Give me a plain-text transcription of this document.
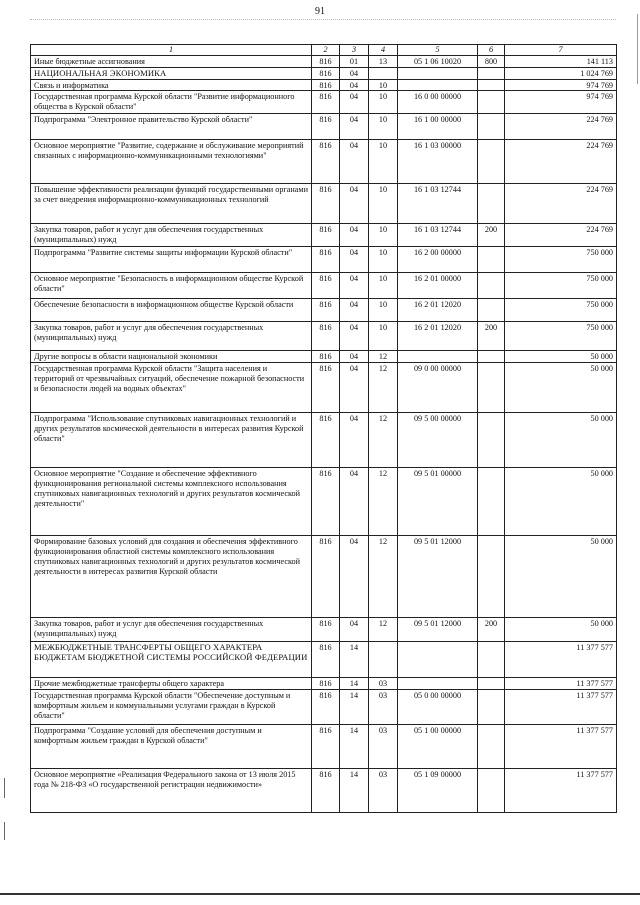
91
1	2	3	4	5	6	7
Иные бюджетные ассигнования	816	01	13	05 1 06 10020	800	141 113
НАЦИОНАЛЬНАЯ ЭКОНОМИКА	816	04				1 024 769
Связь и информатика	816	04	10			974 769
Государственная программа Курской области "Развитие информационного общества в Курской области"	816	04	10	16 0 00 00000		974 769
Подпрограмма "Электронное правительство Курской области"	816	04	10	16 1 00 00000		224 769
Основное мероприятие "Развитие, содержание и обслуживание мероприятий связанных с информационно-коммуникационными технологиями"	816	04	10	16 1 03 00000		224 769
Повышение эффективности реализации функций государственными органами за счет внедрения информационно-коммуникационных технологий	816	04	10	16 1 03 12744		224 769
Закупка товаров, работ и услуг для обеспечения государственных (муниципальных) нужд	816	04	10	16 1 03 12744	200	224 769
Подпрограмма "Развитие системы защиты информации Курской области"	816	04	10	16 2 00 00000		750 000
Основное мероприятие "Безопасность в информационном обществе Курской области"	816	04	10	16 2 01 00000		750 000
Обеспечение безопасности в информационном обществе Курской области	816	04	10	16 2 01 12020		750 000
Закупка товаров, работ и услуг для обеспечения государственных (муниципальных) нужд	816	04	10	16 2 01 12020	200	750 000
Другие вопросы в области национальной экономики	816	04	12			50 000
Государственная программа Курской области "Защита населения и территорий от чрезвычайных ситуаций, обеспечение пожарной безопасности и безопасности людей на водных объектах"	816	04	12	09 0 00 00000		50 000
Подпрограмма "Использование спутниковых навигационных технологий и других результатов космической деятельности в интересах развития Курской области"	816	04	12	09 5 00 00000		50 000
Основное мероприятие "Создание и обеспечение эффективного функционирования региональной системы комплексного использования спутниковых навигационных технологий и других результатов космической деятельности"	816	04	12	09 5 01 00000		50 000
Формирование базовых условий для создания и обеспечения эффективного функционирования областной системы комплексного использования спутниковых навигационных технологий и других результатов космической деятельности в интересах развития Курской области	816	04	12	09 5 01 12000		50 000
Закупка товаров, работ и услуг для обеспечения государственных (муниципальных) нужд	816	04	12	09 5 01 12000	200	50 000
МЕЖБЮДЖЕТНЫЕ ТРАНСФЕРТЫ ОБЩЕГО ХАРАКТЕРА БЮДЖЕТАМ БЮДЖЕТНОЙ СИСТЕМЫ РОССИЙСКОЙ ФЕДЕРАЦИИ	816	14				11 377 577
Прочие межбюджетные трансферты общего характера	816	14	03			11 377 577
Государственная программа Курской области "Обеспечение доступным и комфортным жильем и коммунальными услугами граждан в Курской области"	816	14	03	05 0 00 00000		11 377 577
Подпрограмма "Создание условий для обеспечения доступным и комфортным жильем граждан в Курской области"	816	14	03	05 1 00 00000		11 377 577
Основное мероприятие «Реализация Федерального закона от 13 июля 2015 года № 218-ФЗ «О государственной регистрации недвижимости»	816	14	03	05 1 09 00000		11 377 577
